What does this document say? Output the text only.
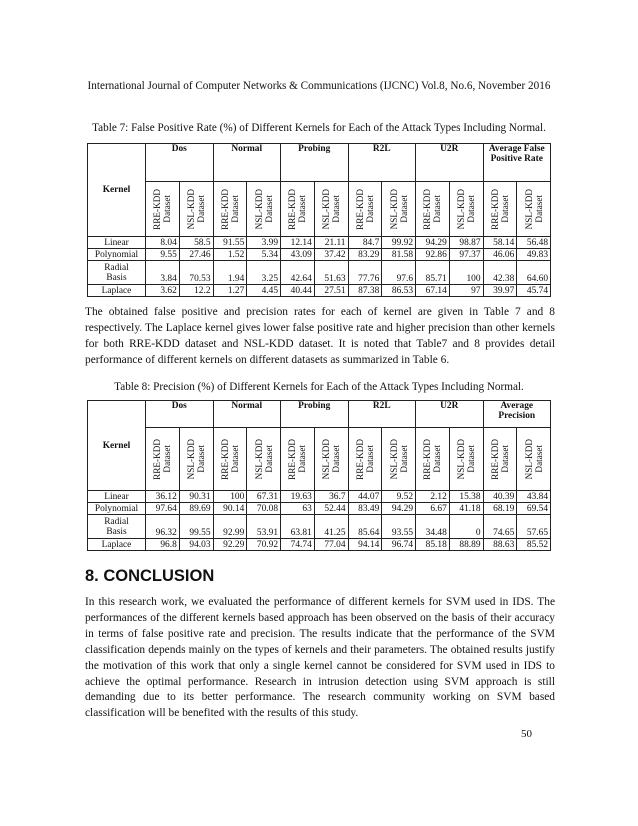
International Journal of Computer Networks & Communications (IJCNC) Vol.8, No.6, November 2016
Table 7: False Positive Rate (%) of Different Kernels for Each of the Attack Types Including Normal.
Kernel	Dos		Normal		Probing		R2L		U2R		Average False Positive Rate	

	RRE-KDD Dataset	NSL-KDD Dataset	RRE-KDD Dataset	NSL-KDD Dataset	RRE-KDD Dataset	NSL-KDD Dataset	RRE-KDD Dataset	NSL-KDD Dataset	RRE-KDD Dataset	NSL-KDD Dataset	RRE-KDD Dataset	NSL-KDD Dataset

Linear	8.04	58.5	91.55	3.99	12.14	21.11	84.7	99.92	94.29	98.87	58.14	56.48
Polynomial	9.55	27.46	1.52	5.34	43.09	37.42	83.29	81.58	92.86	97.37	46.06	49.83

Radial
Basis	3.84	70.53	1.94	3.25	42.64	51.63	77.76	97.6	85.71	100	42.38	64.60
Laplace	3.62	12.2	1.27	4.45	40.44	27.51	87.38	86.53	67.14	97	39.97	45.74
The obtained false positive and precision rates for each of kernel are given in Table 7 and 8 respectively. The Laplace kernel gives lower false positive rate and higher precision than other kernels for both RRE-KDD dataset and NSL-KDD dataset. It is noted that Table7 and 8 provides detail performance of different kernels on different datasets as summarized in Table 6.
Table 8: Precision (%) of Different Kernels for Each of the Attack Types Including Normal.
Kernel	Dos		Normal		Probing		R2L		U2R		Average Precision	

	RRE-KDD Dataset	NSL-KDD Dataset	RRE-KDD Dataset	NSL-KDD Dataset	RRE-KDD Dataset	NSL-KDD Dataset	RRE-KDD Dataset	NSL-KDD Dataset	RRE-KDD Dataset	NSL-KDD Dataset	RRE-KDD Dataset	NSL-KDD Dataset

Linear	36.12	90.31	100	67.31	19.63	36.7	44.07	9.52	2.12	15.38	40.39	43.84
Polynomial	97.64	89.69	90.14	70.08	63	52.44	83.49	94.29	6.67	41.18	68.19	69.54

Radial
Basis	96.32	99.55	92.99	53.91	63.81	41.25	85.64	93.55	34.48	0	74.65	57.65
Laplace	96.8	94.03	92.29	70.92	74.74	77.04	94.14	96.74	85.18	88.89	88.63	85.52
8. CONCLUSION
In this research work, we evaluated the performance of different kernels for SVM used in IDS. The performances of the different kernels based approach has been observed on the basis of their accuracy in terms of false positive rate and precision. The results indicate that the performance of the SVM classification depends mainly on the types of kernels and their parameters. The obtained results justify the motivation of this work that only a single kernel cannot be considered for SVM used in IDS to achieve the optimal performance. Research in intrusion detection using SVM approach is still demanding due to its better performance. The research community working on SVM based classification will be benefited with the results of this study.
50
